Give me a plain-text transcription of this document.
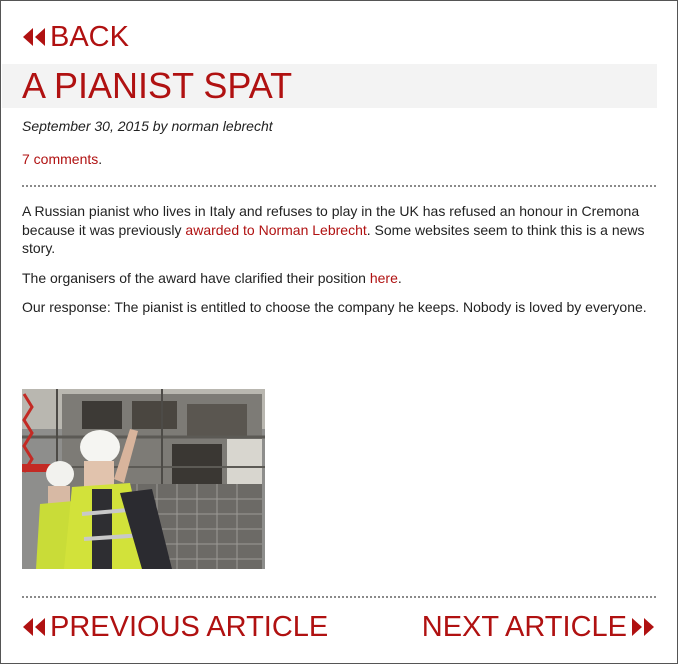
BACK
A PIANIST SPAT
September 30, 2015 by norman lebrecht
7 comments.

A Russian pianist who lives in Italy and refuses to play in the UK has refused an honour in Cremona because it was previously awarded to Norman Lebrecht. Some websites seem to think this is a news story.

The organisers of the award have clarified their position here.

Our response: The pianist is entitled to choose the company he keeps. Nobody is loved by everyone.

PREVIOUS ARTICLE	NEXT ARTICLE
